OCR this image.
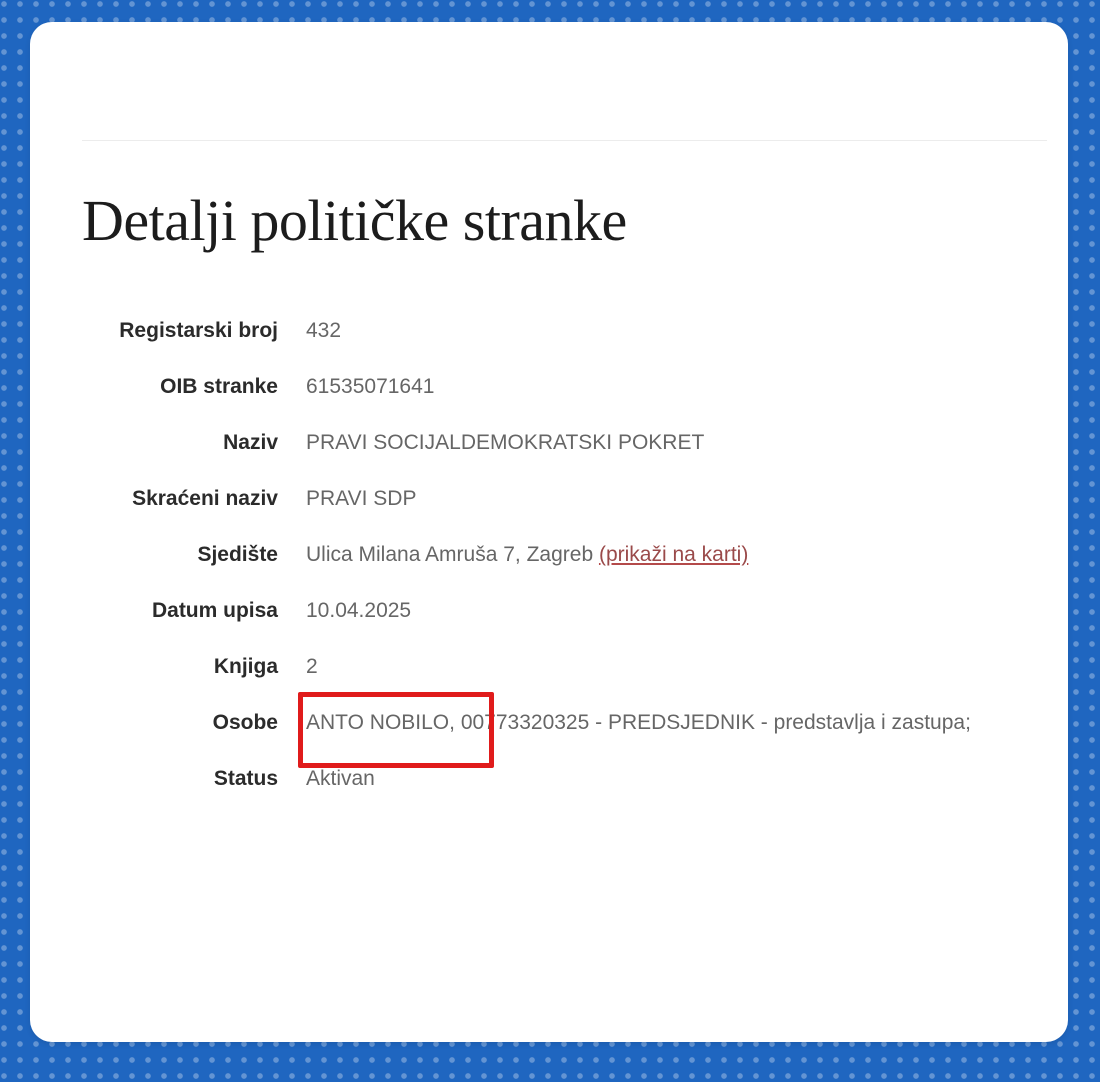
Detalji političke stranke
Registarski broj 432
OIB stranke 61535071641
Naziv PRAVI SOCIJALDEMOKRATSKI POKRET
Skraćeni naziv PRAVI SDP
Sjedište Ulica Milana Amruša 7, Zagreb (prikaži na karti)
Datum upisa 10.04.2025
Knjiga 2
Osobe ANTO NOBILO, 00773320325 - PREDSJEDNIK - predstavlja i zastupa;
Status Aktivan
